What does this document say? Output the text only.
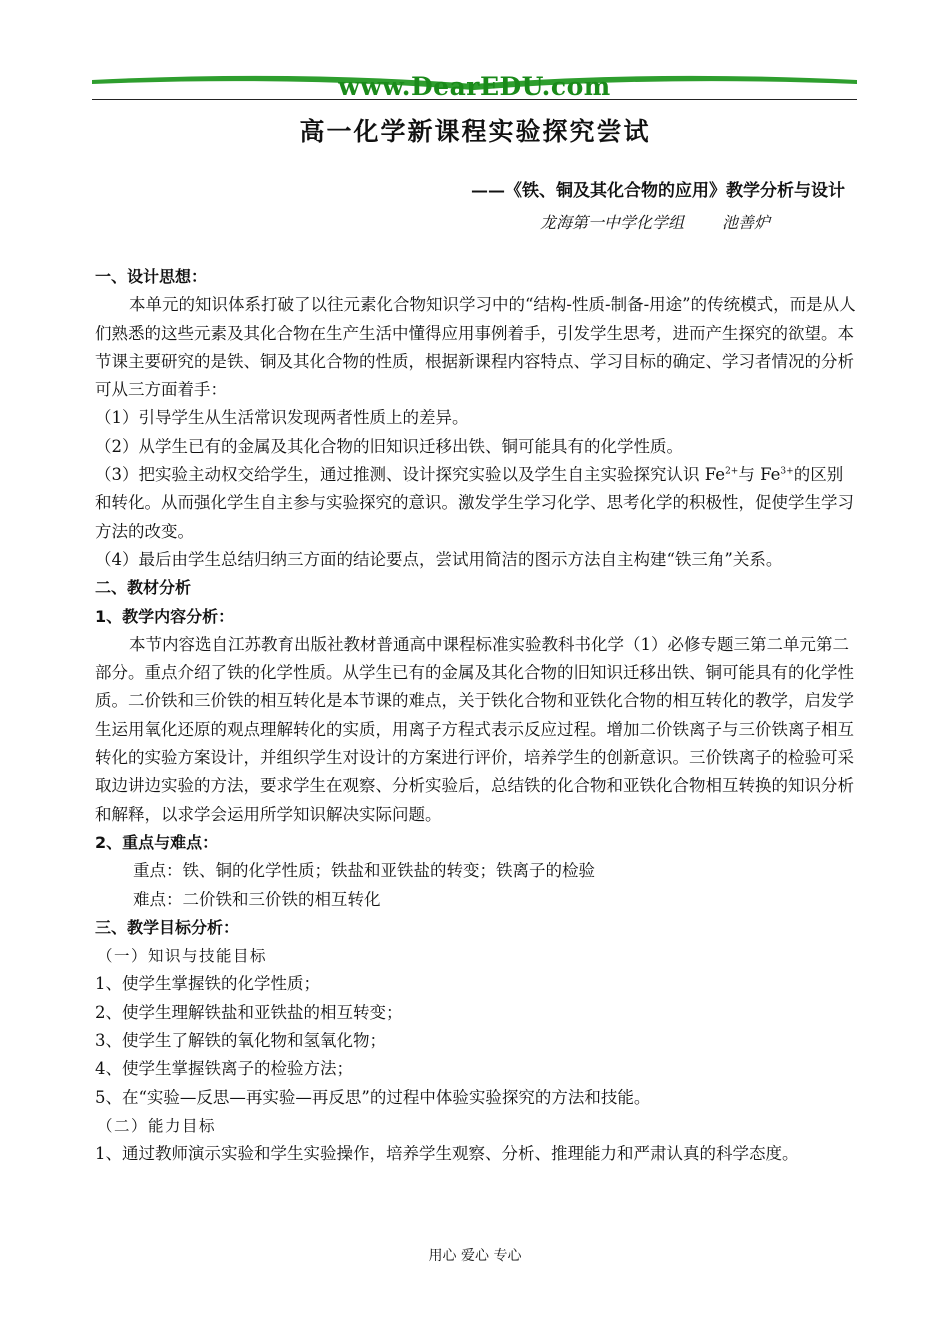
www.DearEDU.com
高一化学新课程实验探究尝试
——《铁、铜及其化合物的应用》教学分析与设计
龙海第一中学化学组 池善炉

一、设计思想：

本单元的知识体系打破了以往元素化合物知识学习中的“结构-性质-制备-用途”的传统模式，而是从人们熟悉的这些元素及其化合物在生产生活中懂得应用事例着手，引发学生思考，进而产生探究的欲望。本节课主要研究的是铁、铜及其化合物的性质，根据新课程内容特点、学习目标的确定、学习者情况的分析可从三方面着手：

（1）引导学生从生活常识发现两者性质上的差异。

（2）从学生已有的金属及其化合物的旧知识迁移出铁、铜可能具有的化学性质。

（3）把实验主动权交给学生，通过推测、设计探究实验以及学生自主实验探究认识 $Fe^{2+}$与 $Fe^{3+}$的区别和转化。从而强化学生自主参与实验探究的意识。激发学生学习化学、思考化学的积极性，促使学生学习方法的改变。

（4）最后由学生总结归纳三方面的结论要点，尝试用简洁的图示方法自主构建“铁三角”关系。

二、教材分析

1、教学内容分析：

本节内容选自江苏教育出版社教材普通高中课程标准实验教科书化学（1）必修专题三第二单元第二部分。重点介绍了铁的化学性质。从学生已有的金属及其化合物的旧知识迁移出铁、铜可能具有的化学性质。二价铁和三价铁的相互转化是本节课的难点，关于铁化合物和亚铁化合物的相互转化的教学，启发学生运用氧化还原的观点理解转化的实质，用离子方程式表示反应过程。增加二价铁离子与三价铁离子相互转化的实验方案设计，并组织学生对设计的方案进行评价，培养学生的创新意识。三价铁离子的检验可采取边讲边实验的方法，要求学生在观察、分析实验后，总结铁的化合物和亚铁化合物相互转换的知识分析和解释，以求学会运用所学知识解决实际问题。

2、重点与难点：

重点：铁、铜的化学性质；铁盐和亚铁盐的转变；铁离子的检验

难点：二价铁和三价铁的相互转化

三、教学目标分析：

（一）知识与技能目标

1、使学生掌握铁的化学性质；

2、使学生理解铁盐和亚铁盐的相互转变；

3、使学生了解铁的氧化物和氢氧化物；

4、使学生掌握铁离子的检验方法；

5、在“实验—反思—再实验—再反思”的过程中体验实验探究的方法和技能。

（二）能力目标

1、通过教师演示实验和学生实验操作，培养学生观察、分析、推理能力和严肃认真的科学态度。

用心 爱心 专心
